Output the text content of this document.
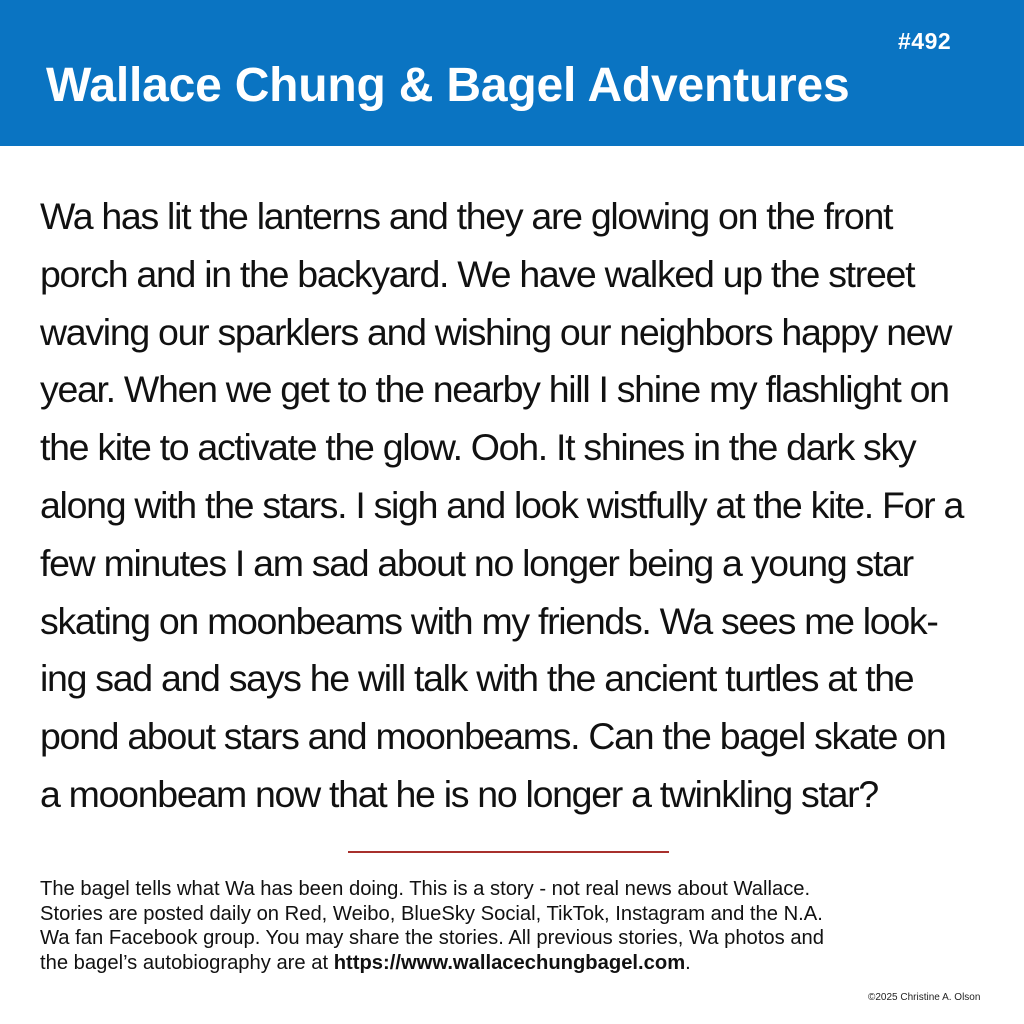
#492
Wallace Chung & Bagel Adventures

Wa has lit the lanterns and they are glowing on the front
porch and in the backyard. We have walked up the street
waving our sparklers and wishing our neighbors happy new
year. When we get to the nearby hill I shine my flashlight on
the kite to activate the glow. Ooh. It shines in the dark sky
along with the stars. I sigh and look wistfully at the kite. For a
few minutes I am sad about no longer being a young star
skating on moonbeams with my friends. Wa sees me look-
ing sad and says he will talk with the ancient turtles at the
pond about stars and moonbeams. Can the bagel skate on
a moonbeam now that he is no longer a twinkling star?

The bagel tells what Wa has been doing. This is a story - not real news about Wallace.
Stories are posted daily on Red, Weibo, BlueSky Social, TikTok, Instagram and the N.A.
Wa fan Facebook group. You may share the stories. All previous stories, Wa photos and
the bagel’s autobiography are at https://www.wallacechungbagel.com.

©2025 Christine A. Olson
